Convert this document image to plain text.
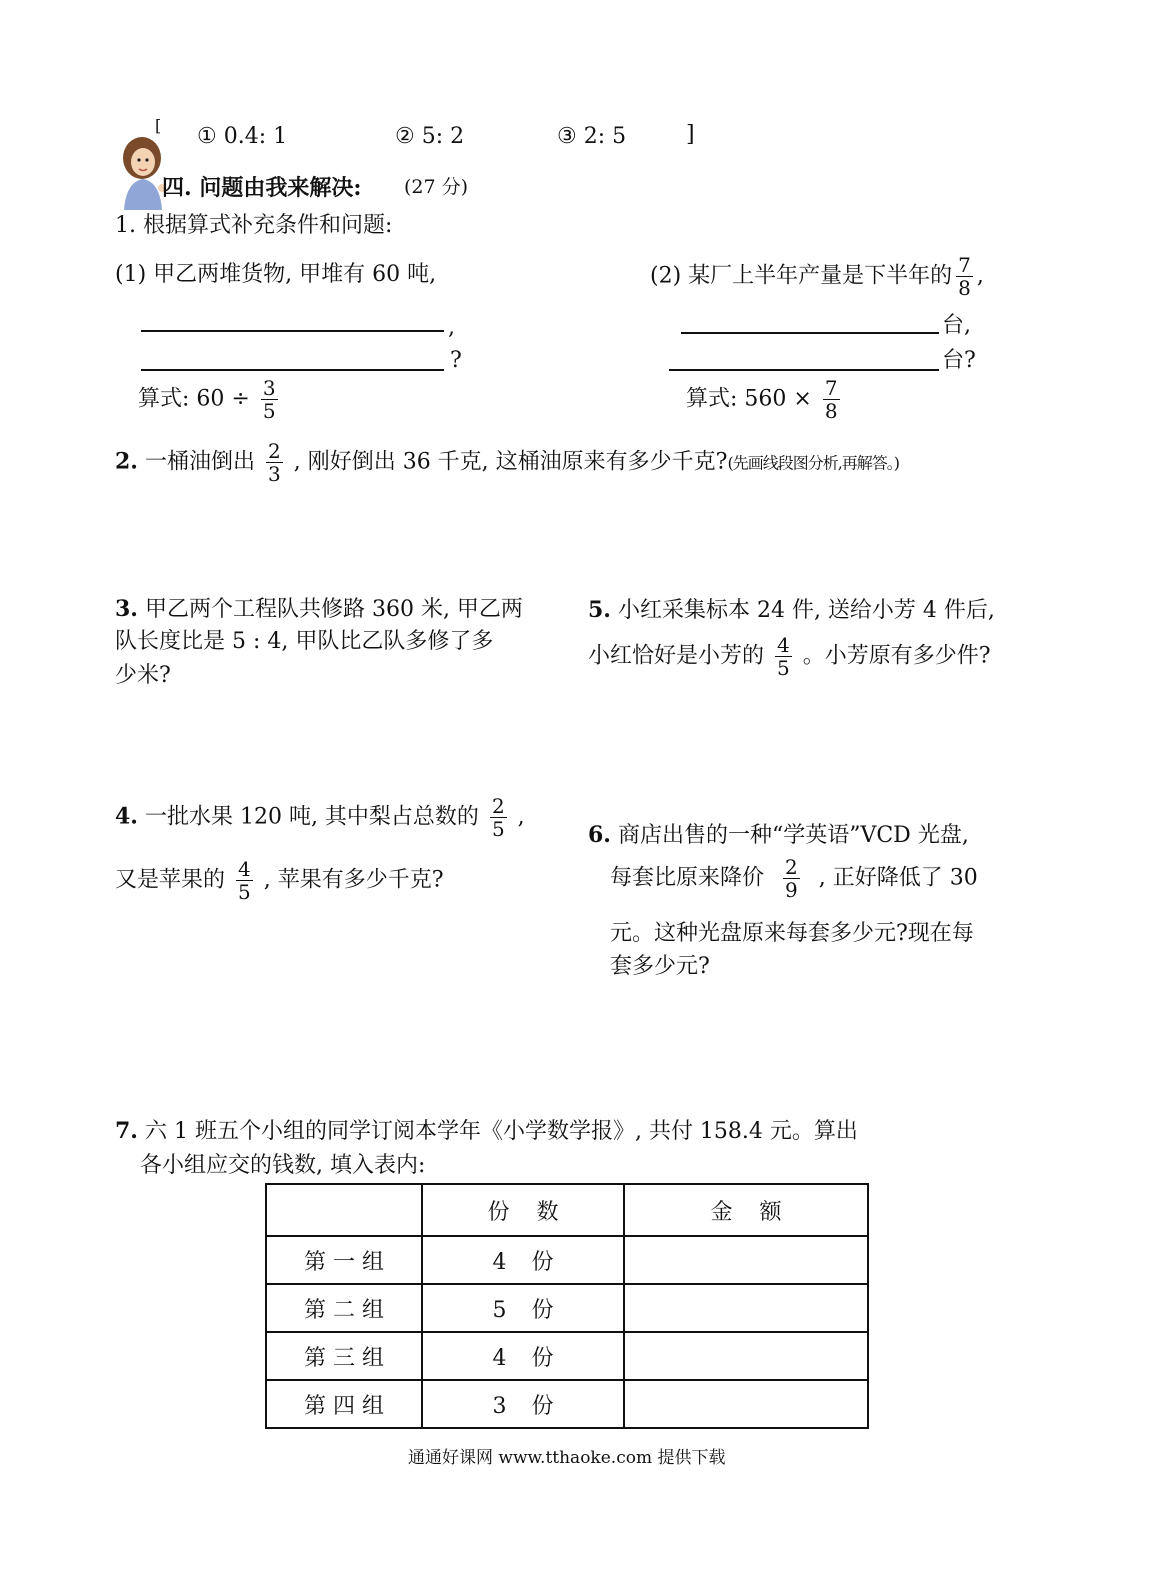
[ ① 0.4: 1	② 5: 2	③ 2: 5	]
四. 问题由我来解决: (27 分)
1. 根据算式补充条件和问题:
(1) 甲乙两堆货物, 甲堆有 60 吨,
,
?
算式: $60 \div \frac{3}{5}$
(2) 某厂上半年产量是下半年的 $\frac{7}{8}$ ,
台,
台?
算式: $560 \times \frac{7}{8}$
2. 一桶油倒出 $\frac{2}{3}$ , 刚好倒出 36 千克, 这桶油原来有多少千克?(先画线段图分析,再解答。)
3. 甲乙两个工程队共修路 360 米, 甲乙两
队长度比是 5 : 4, 甲队比乙队多修了多
少米?
5. 小红采集标本 24 件, 送给小芳 4 件后,
小红恰好是小芳的 $\frac{4}{5}$ 。小芳原有多少件?
4. 一批水果 120 吨, 其中梨占总数的 $\frac{2}{5}$ ,
又是苹果的 $\frac{4}{5}$ , 苹果有多少千克?
6. 商店出售的一种“学英语”VCD 光盘,
每套比原来降价 $\frac{2}{9}$ , 正好降低了 30
元。这种光盘原来每套多少元?现在每
套多少元?
7. 六 1 班五个小组的同学订阅本学年《小学数学报》, 共付 158.4 元。算出
各小组应交的钱数, 填入表内:
	份 数	金 额
第 一 组	4 份	
第 二 组	5 份	
第 三 组	4 份	
第 四 组	3 份	
通通好课网 www.tthaoke.com 提供下载
